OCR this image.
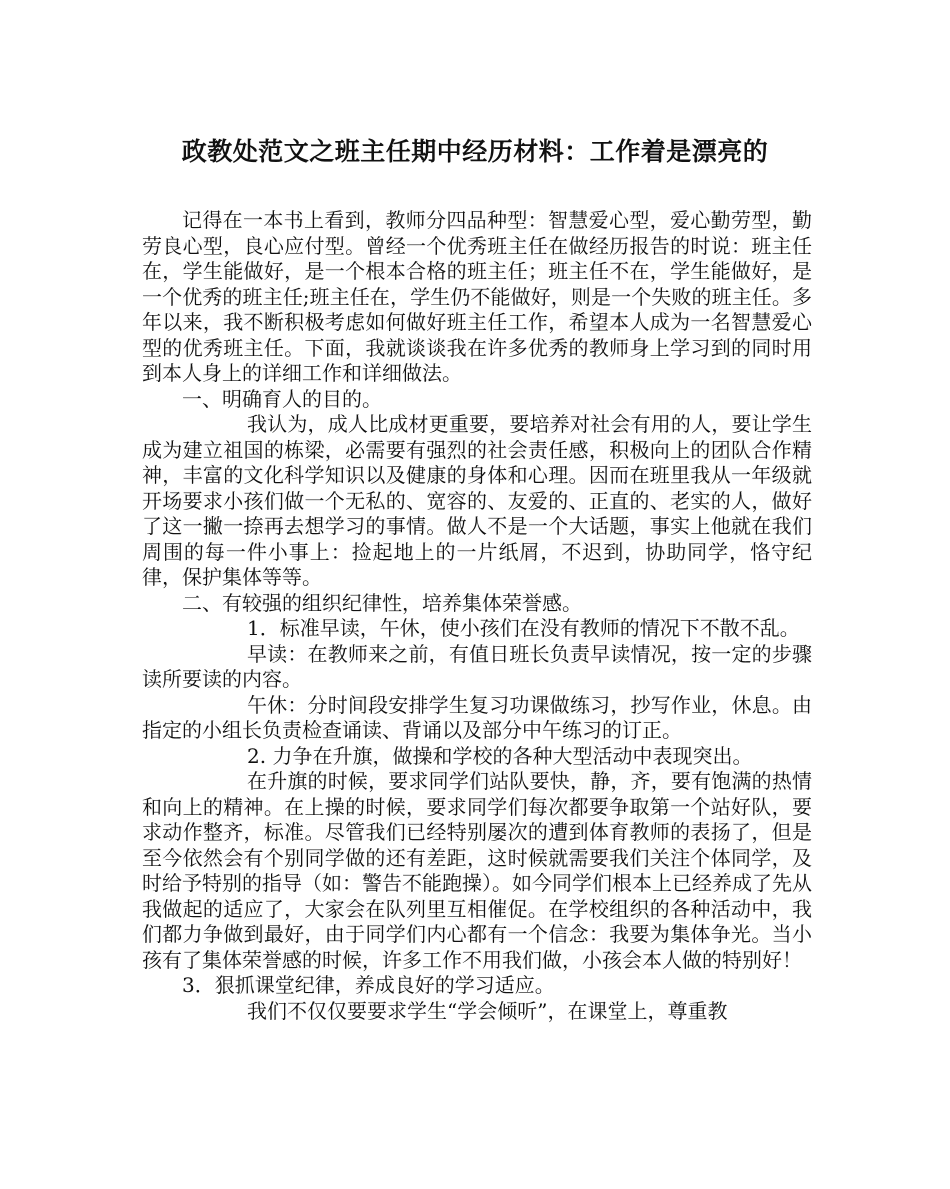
政教处范文之班主任期中经历材料：工作着是漂亮的

记得在一本书上看到，教师分四品种型：智慧爱心型，爱心勤劳型，勤劳良心型，良心应付型。曾经一个优秀班主任在做经历报告的时说：班主任在，学生能做好，是一个根本合格的班主任；班主任不在，学生能做好，是一个优秀的班主任;班主任在，学生仍不能做好，则是一个失败的班主任。多年以来，我不断积极考虑如何做好班主任工作，希望本人成为一名智慧爱心型的优秀班主任。下面，我就谈谈我在许多优秀的教师身上学习到的同时用到本人身上的详细工作和详细做法。

一、明确育人的目的。

我认为，成人比成材更重要，要培养对社会有用的人，要让学生成为建立祖国的栋梁，必需要有强烈的社会责任感，积极向上的团队合作精神，丰富的文化科学知识以及健康的身体和心理。因而在班里我从一年级就开场要求小孩们做一个无私的、宽容的、友爱的、正直的、老实的人，做好了这一撇一捺再去想学习的事情。做人不是一个大话题，事实上他就在我们周围的每一件小事上：捡起地上的一片纸屑，不迟到，协助同学，恪守纪律，保护集体等等。

二、有较强的组织纪律性，培养集体荣誉感。

1．标准早读，午休，使小孩们在没有教师的情况下不散不乱。

早读：在教师来之前，有值日班长负责早读情况，按一定的步骤读所要读的内容。

午休：分时间段安排学生复习功课做练习，抄写作业，休息。由指定的小组长负责检查诵读、背诵以及部分中午练习的订正。

2. 力争在升旗，做操和学校的各种大型活动中表现突出。

在升旗的时候，要求同学们站队要快，静，齐，要有饱满的热情和向上的精神。在上操的时候，要求同学们每次都要争取第一个站好队，要求动作整齐，标准。尽管我们已经特别屡次的遭到体育教师的表扬了，但是至今依然会有个别同学做的还有差距，这时候就需要我们关注个体同学，及时给予特别的指导（如：警告不能跑操）。如今同学们根本上已经养成了先从我做起的适应了，大家会在队列里互相催促。在学校组织的各种活动中，我们都力争做到最好，由于同学们内心都有一个信念：我要为集体争光。当小孩有了集体荣誉感的时候，许多工作不用我们做，小孩会本人做的特别好！

3．狠抓课堂纪律，养成良好的学习适应。

我们不仅仅要要求学生“学会倾听”，在课堂上，尊重教
